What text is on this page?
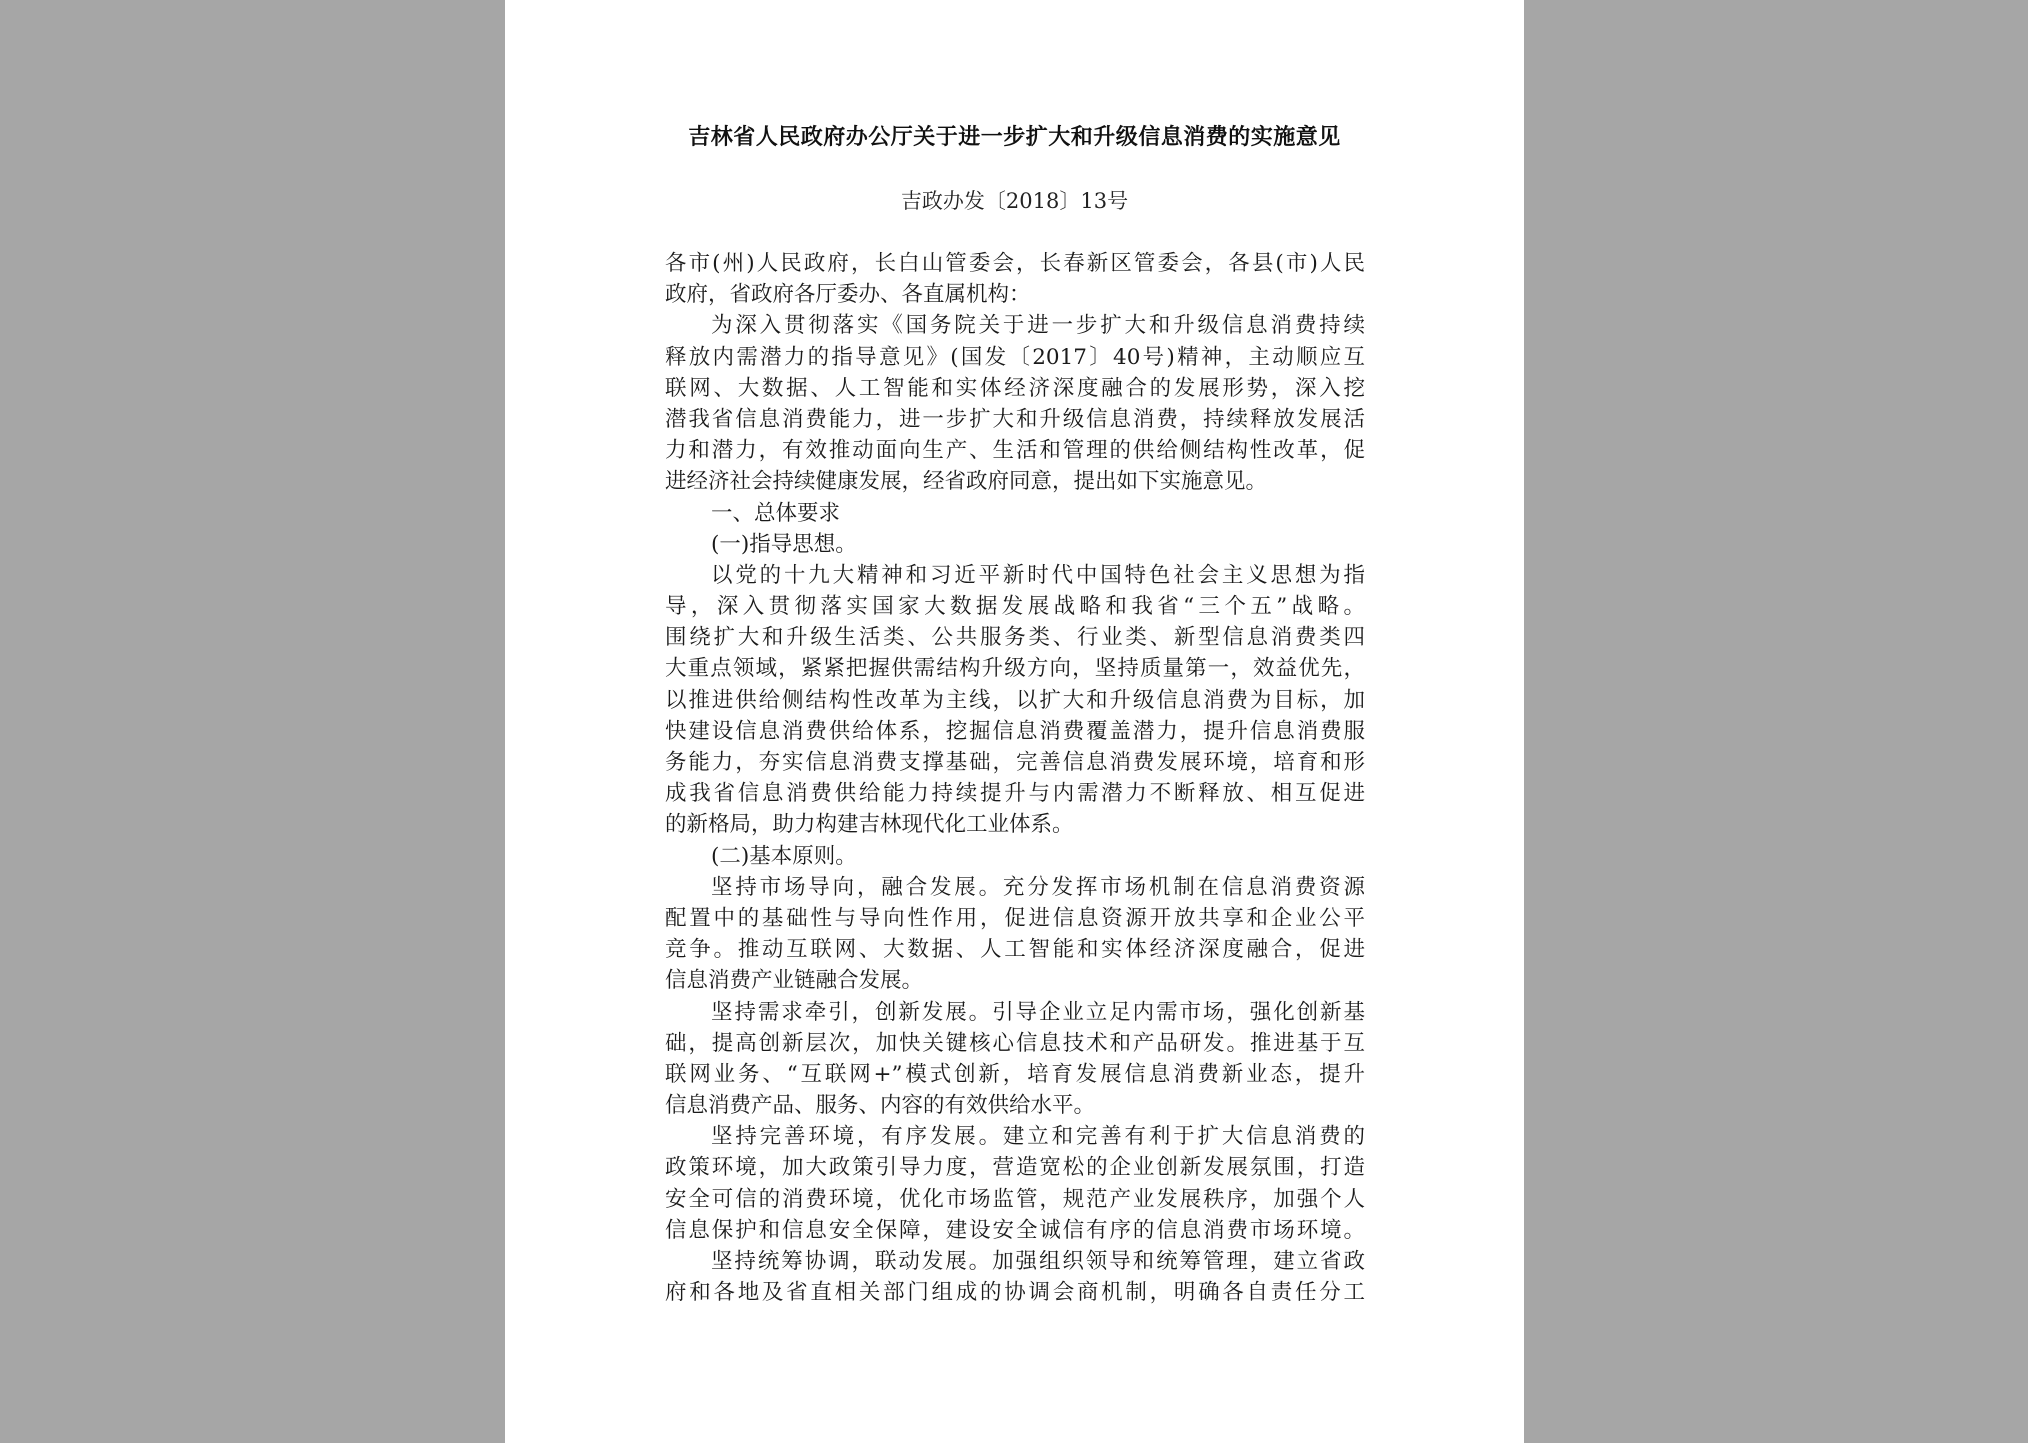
吉林省人民政府办公厅关于进一步扩大和升级信息消费的实施意见
吉政办发〔2018〕13号
各市(州)人民政府，长白山管委会，长春新区管委会，各县(市)人民
政府，省政府各厅委办、各直属机构：
为深入贯彻落实《国务院关于进一步扩大和升级信息消费持续
释放内需潜力的指导意见》(国发〔2017〕40号)精神，主动顺应互
联网、大数据、人工智能和实体经济深度融合的发展形势，深入挖
潜我省信息消费能力，进一步扩大和升级信息消费，持续释放发展活
力和潜力，有效推动面向生产、生活和管理的供给侧结构性改革，促
进经济社会持续健康发展，经省政府同意，提出如下实施意见。
一、总体要求
(一)指导思想。
以党的十九大精神和习近平新时代中国特色社会主义思想为指
导，深入贯彻落实国家大数据发展战略和我省“三个五”战略。
围绕扩大和升级生活类、公共服务类、行业类、新型信息消费类四
大重点领域，紧紧把握供需结构升级方向，坚持质量第一，效益优先，
以推进供给侧结构性改革为主线，以扩大和升级信息消费为目标，加
快建设信息消费供给体系，挖掘信息消费覆盖潜力，提升信息消费服
务能力，夯实信息消费支撑基础，完善信息消费发展环境，培育和形
成我省信息消费供给能力持续提升与内需潜力不断释放、相互促进
的新格局，助力构建吉林现代化工业体系。
(二)基本原则。
坚持市场导向，融合发展。充分发挥市场机制在信息消费资源
配置中的基础性与导向性作用，促进信息资源开放共享和企业公平
竞争。推动互联网、大数据、人工智能和实体经济深度融合，促进
信息消费产业链融合发展。
坚持需求牵引，创新发展。引导企业立足内需市场，强化创新基
础，提高创新层次，加快关键核心信息技术和产品研发。推进基于互
联网业务、“互联网+”模式创新，培育发展信息消费新业态，提升
信息消费产品、服务、内容的有效供给水平。
坚持完善环境，有序发展。建立和完善有利于扩大信息消费的
政策环境，加大政策引导力度，营造宽松的企业创新发展氛围，打造
安全可信的消费环境，优化市场监管，规范产业发展秩序，加强个人
信息保护和信息安全保障，建设安全诚信有序的信息消费市场环境。
坚持统筹协调，联动发展。加强组织领导和统筹管理，建立省政
府和各地及省直相关部门组成的协调会商机制，明确各自责任分工
